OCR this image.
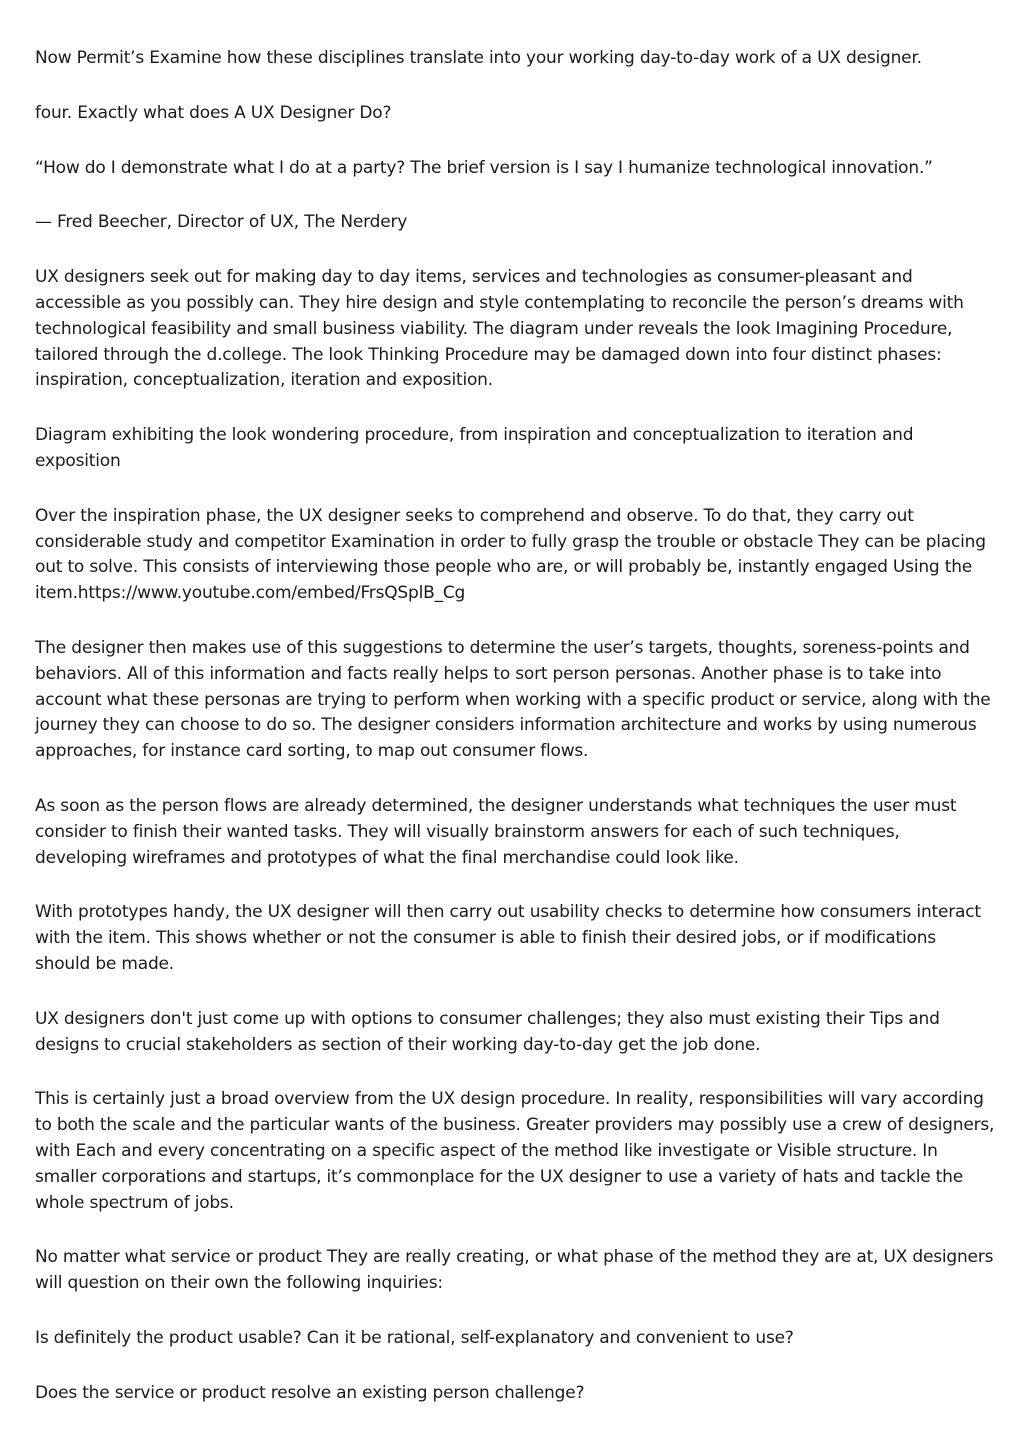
Now Permit’s Examine how these disciplines translate into your working day-to-day work of a UX designer.

four. Exactly what does A UX Designer Do?

“How do I demonstrate what I do at a party? The brief version is I say I humanize technological innovation.”

— Fred Beecher, Director of UX, The Nerdery

UX designers seek out for making day to day items, services and technologies as consumer-pleasant and accessible as you possibly can. They hire design and style contemplating to reconcile the person’s dreams with technological feasibility and small business viability. The diagram under reveals the look Imagining Procedure, tailored through the d.college. The look Thinking Procedure may be damaged down into four distinct phases: inspiration, conceptualization, iteration and exposition.

Diagram exhibiting the look wondering procedure, from inspiration and conceptualization to iteration and exposition

Over the inspiration phase, the UX designer seeks to comprehend and observe. To do that, they carry out considerable study and competitor Examination in order to fully grasp the trouble or obstacle They can be placing out to solve. This consists of interviewing those people who are, or will probably be, instantly engaged Using the item.https://www.youtube.com/embed/FrsQSplB_Cg

The designer then makes use of this suggestions to determine the user’s targets, thoughts, soreness-points and behaviors. All of this information and facts really helps to sort person personas. Another phase is to take into account what these personas are trying to perform when working with a specific product or service, along with the journey they can choose to do so. The designer considers information architecture and works by using numerous approaches, for instance card sorting, to map out consumer flows.

As soon as the person flows are already determined, the designer understands what techniques the user must consider to finish their wanted tasks. They will visually brainstorm answers for each of such techniques, developing wireframes and prototypes of what the final merchandise could look like.

With prototypes handy, the UX designer will then carry out usability checks to determine how consumers interact with the item. This shows whether or not the consumer is able to finish their desired jobs, or if modifications should be made.

UX designers don't just come up with options to consumer challenges; they also must existing their Tips and designs to crucial stakeholders as section of their working day-to-day get the job done.

This is certainly just a broad overview from the UX design procedure. In reality, responsibilities will vary according to both the scale and the particular wants of the business. Greater providers may possibly use a crew of designers, with Each and every concentrating on a specific aspect of the method like investigate or Visible structure. In smaller corporations and startups, it’s commonplace for the UX designer to use a variety of hats and tackle the whole spectrum of jobs.

No matter what service or product They are really creating, or what phase of the method they are at, UX designers will question on their own the following inquiries:

Is definitely the product usable? Can it be rational, self-explanatory and convenient to use?

Does the service or product resolve an existing person challenge?
